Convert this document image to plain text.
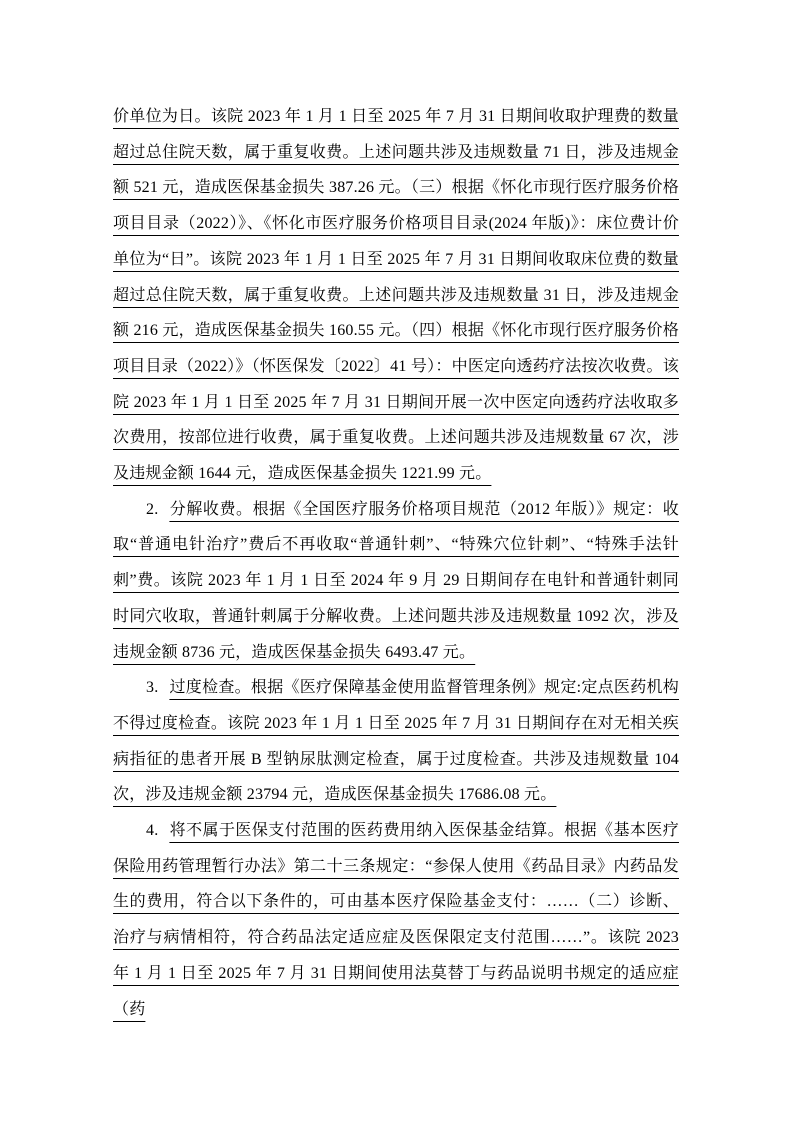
价单位为日。该院 2023 年 1 月 1 日至 2025 年 7 月 31 日期间收取护理费的数量超过总住院天数，属于重复收费。上述问题共涉及违规数量 71 日，涉及违规金额 521 元，造成医保基金损失 387.26 元。（三）根据《怀化市现行医疗服务价格项目目录（2022）》、《怀化市医疗服务价格项目目录(2024 年版)》：床位费计价单位为“日”。该院 2023 年 1 月 1 日至 2025 年 7 月 31 日期间收取床位费的数量超过总住院天数，属于重复收费。上述问题共涉及违规数量 31 日，涉及违规金额 216 元，造成医保基金损失 160.55 元。（四）根据《怀化市现行医疗服务价格项目目录（2022）》（怀医保发〔2022〕41 号）：中医定向透药疗法按次收费。该院 2023 年 1 月 1 日至 2025 年 7 月 31 日期间开展一次中医定向透药疗法收取多次费用，按部位进行收费，属于重复收费。上述问题共涉及违规数量 67 次，涉及违规金额 1644 元，造成医保基金损失 1221.99 元。

2. 分解收费。根据《全国医疗服务价格项目规范（2012 年版）》规定：收取“普通电针治疗”费后不再收取“普通针刺”、“特殊穴位针刺”、“特殊手法针刺”费。该院 2023 年 1 月 1 日至 2024 年 9 月 29 日期间存在电针和普通针刺同时同穴收取，普通针刺属于分解收费。上述问题共涉及违规数量 1092 次，涉及违规金额 8736 元，造成医保基金损失 6493.47 元。

3. 过度检查。根据《医疗保障基金使用监督管理条例》规定:定点医药机构不得过度检查。该院 2023 年 1 月 1 日至 2025 年 7 月 31 日期间存在对无相关疾病指征的患者开展 B 型钠尿肽测定检查，属于过度检查。共涉及违规数量 104 次，涉及违规金额 23794 元，造成医保基金损失 17686.08 元。

4. 将不属于医保支付范围的医药费用纳入医保基金结算。根据《基本医疗保险用药管理暂行办法》第二十三条规定：“参保人使用《药品目录》内药品发生的费用，符合以下条件的，可由基本医疗保险基金支付：……（二）诊断、治疗与病情相符，符合药品法定适应症及医保限定支付范围……”。该院 2023 年 1 月 1 日至 2025 年 7 月 31 日期间使用法莫替丁与药品说明书规定的适应症（药
